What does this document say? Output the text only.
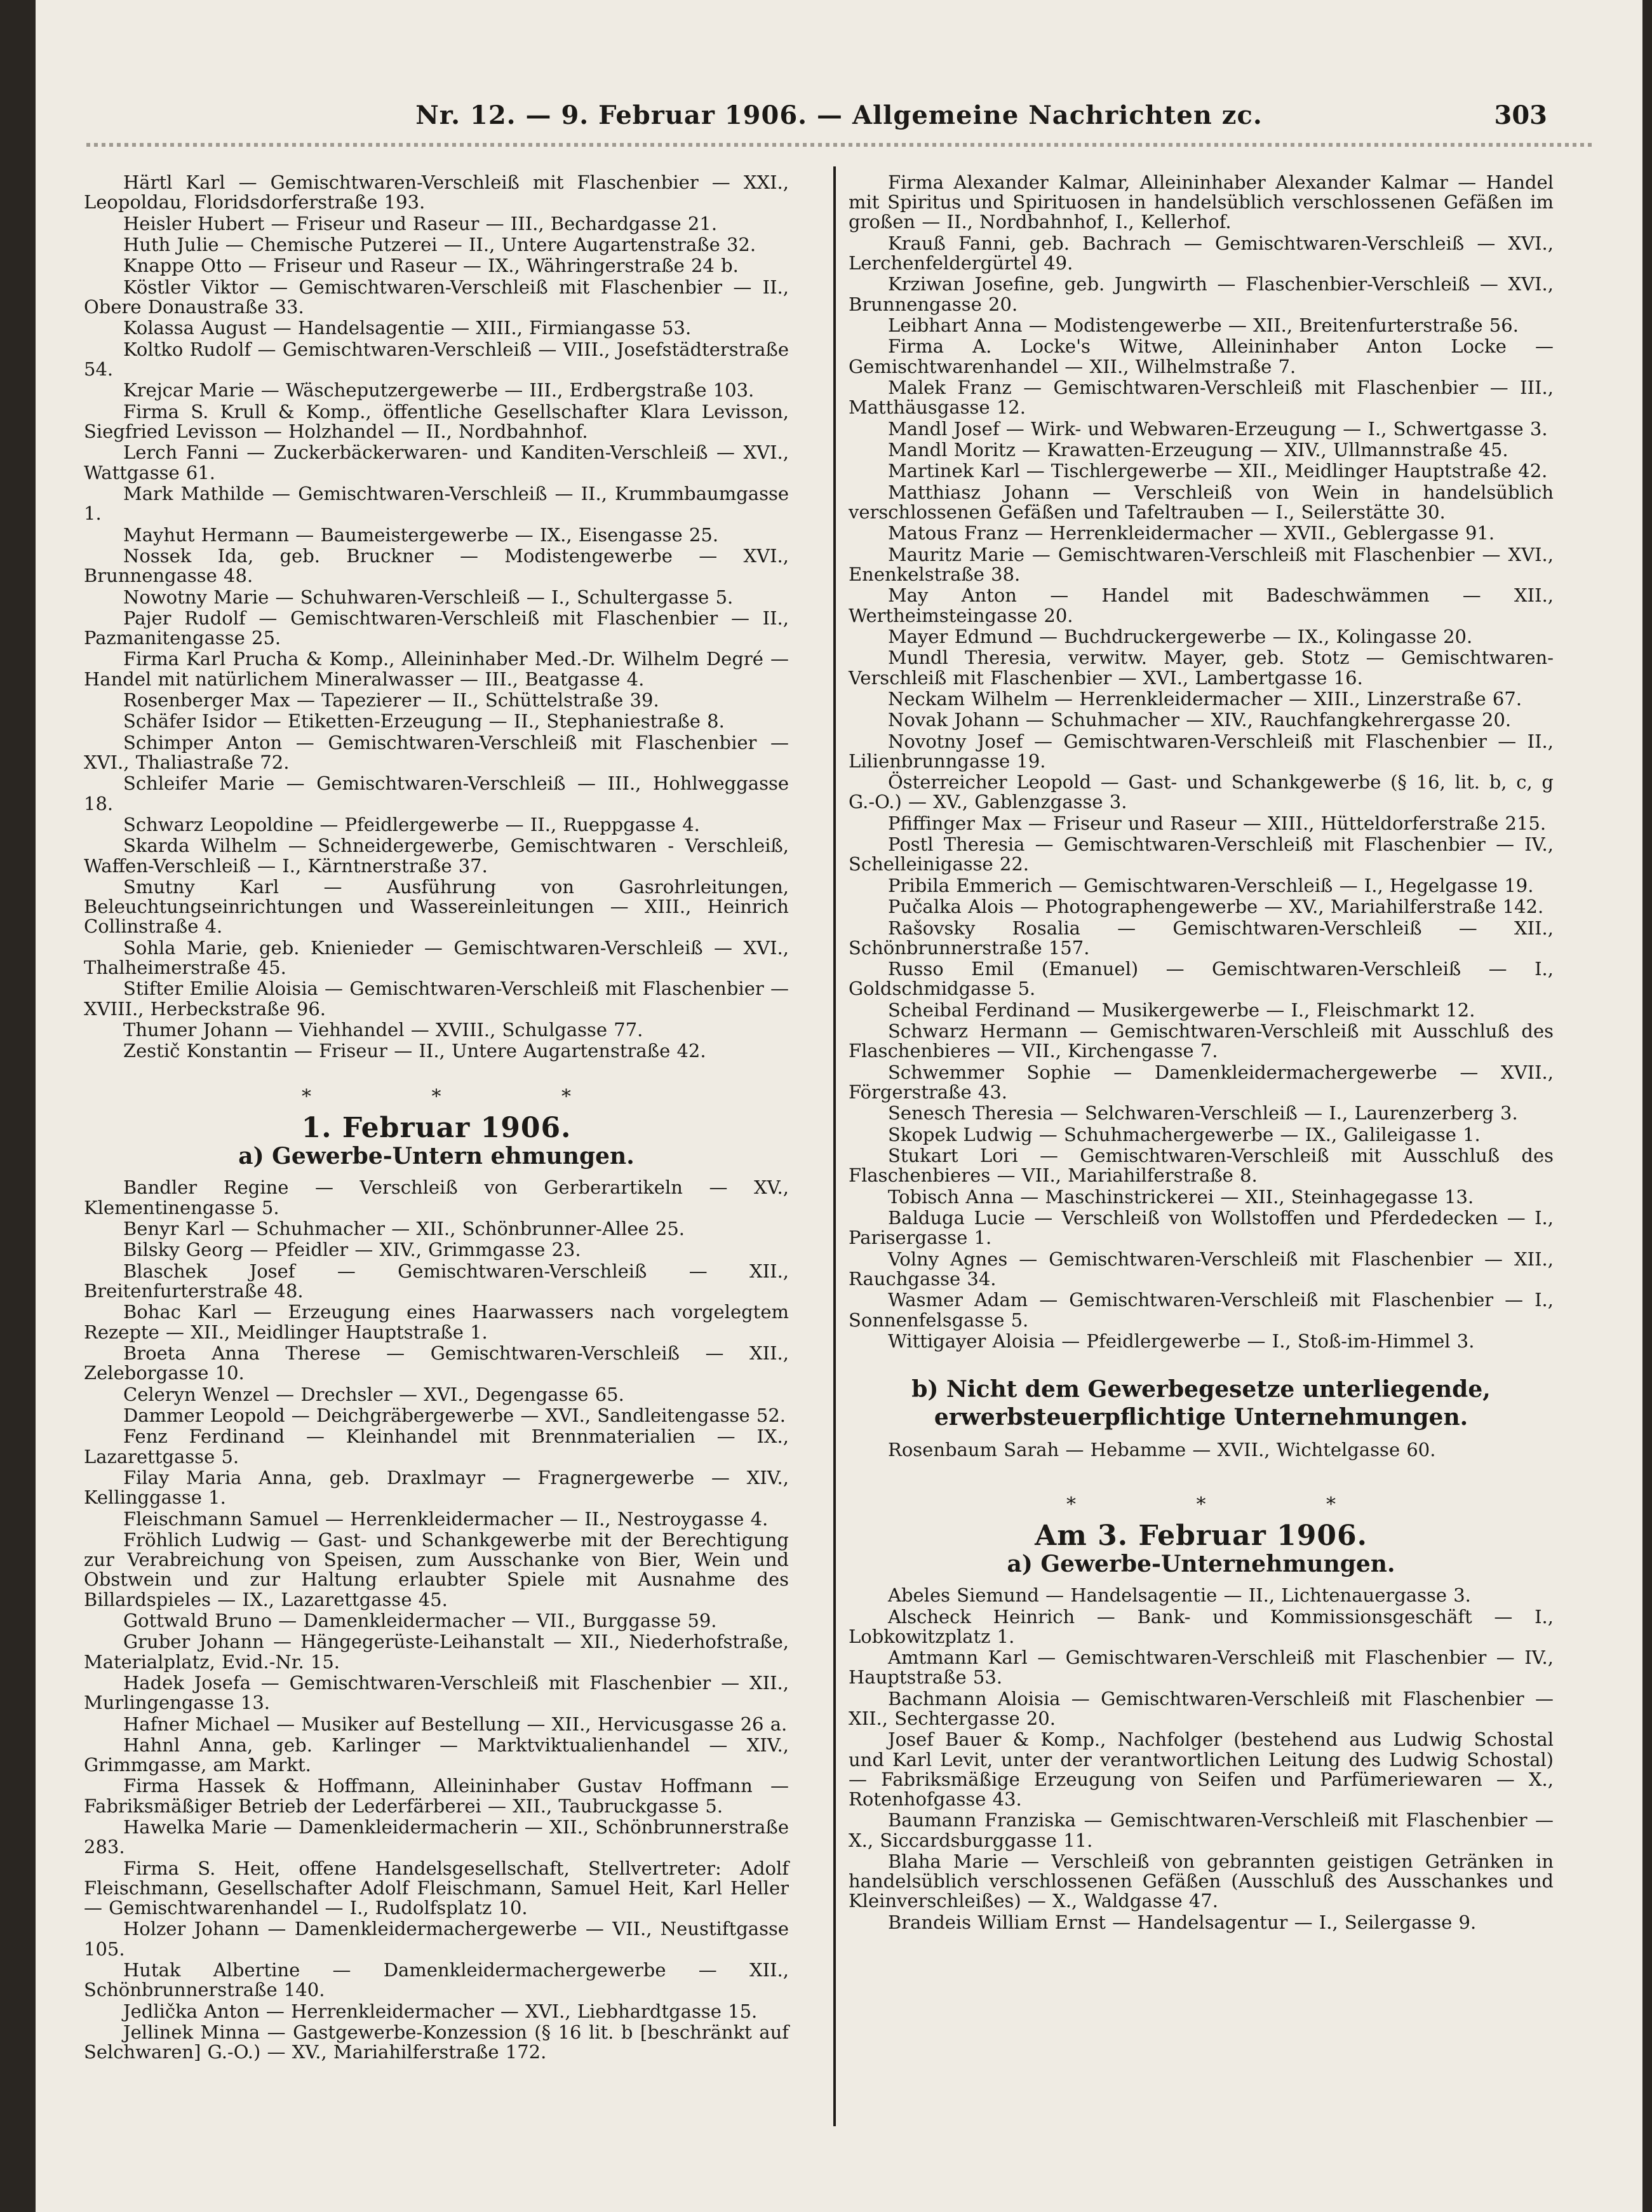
Nr. 12. — 9. Februar 1906. — Allgemeine Nachrichten zc.	303

Härtl Karl — Gemischtwaren-Verschleiß mit Flaschenbier — XXI., Leopoldau, Floridsdorferstraße 193.

Heisler Hubert — Friseur und Raseur — III., Bechardgasse 21.

Huth Julie — Chemische Putzerei — II., Untere Augartenstraße 32.

Knappe Otto — Friseur und Raseur — IX., Währingerstraße 24 b.

Köstler Viktor — Gemischtwaren-Verschleiß mit Flaschenbier — II., Obere Donaustraße 33.

Kolassa August — Handelsagentie — XIII., Firmiangasse 53.

Koltko Rudolf — Gemischtwaren-Verschleiß — VIII., Josefstädterstraße 54.

Krejcar Marie — Wäscheputzergewerbe — III., Erdbergstraße 103.

Firma S. Krull & Komp., öffentliche Gesellschafter Klara Levisson, Siegfried Levisson — Holzhandel — II., Nordbahnhof.

Lerch Fanni — Zuckerbäckerwaren- und Kanditen-Verschleiß — XVI., Wattgasse 61.

Mark Mathilde — Gemischtwaren-Verschleiß — II., Krummbaumgasse 1.

Mayhut Hermann — Baumeistergewerbe — IX., Eisengasse 25.

Nossek Ida, geb. Bruckner — Modistengewerbe — XVI., Brunnengasse 48.

Nowotny Marie — Schuhwaren-Verschleiß — I., Schultergasse 5.

Pajer Rudolf — Gemischtwaren-Verschleiß mit Flaschenbier — II., Pazmanitengasse 25.

Firma Karl Prucha & Komp., Alleininhaber Med.-Dr. Wilhelm Degré — Handel mit natürlichem Mineralwasser — III., Beatgasse 4.

Rosenberger Max — Tapezierer — II., Schüttelstraße 39.

Schäfer Isidor — Etiketten-Erzeugung — II., Stephaniestraße 8.

Schimper Anton — Gemischtwaren-Verschleiß mit Flaschenbier — XVI., Thaliastraße 72.

Schleifer Marie — Gemischtwaren-Verschleiß — III., Hohlweggasse 18.

Schwarz Leopoldine — Pfeidlergewerbe — II., Rueppgasse 4.

Skarda Wilhelm — Schneidergewerbe, Gemischtwaren - Verschleiß, Waffen-Verschleiß — I., Kärntnerstraße 37.

Smutny Karl — Ausführung von Gasrohrleitungen, Beleuchtungseinrichtungen und Wassereinleitungen — XIII., Heinrich Collinstraße 4.

Sohla Marie, geb. Knienieder — Gemischtwaren-Verschleiß — XVI., Thalheimerstraße 45.

Stifter Emilie Aloisia — Gemischtwaren-Verschleiß mit Flaschenbier — XVIII., Herbeckstraße 96.

Thumer Johann — Viehhandel — XVIII., Schulgasse 77.

Zestič Konstantin — Friseur — II., Untere Augartenstraße 42.

* * *
1. Februar 1906.
a) Gewerbe-Untern ehmungen.

Bandler Regine — Verschleiß von Gerberartikeln — XV., Klementinengasse 5.

Benyr Karl — Schuhmacher — XII., Schönbrunner-Allee 25.

Bilsky Georg — Pfeidler — XIV., Grimmgasse 23.

Blaschek Josef — Gemischtwaren-Verschleiß — XII., Breitenfurterstraße 48.

Bohac Karl — Erzeugung eines Haarwassers nach vorgelegtem Rezepte — XII., Meidlinger Hauptstraße 1.

Broeta Anna Therese — Gemischtwaren-Verschleiß — XII., Zeleborgasse 10.

Celeryn Wenzel — Drechsler — XVI., Degengasse 65.

Dammer Leopold — Deichgräbergewerbe — XVI., Sandleitengasse 52.

Fenz Ferdinand — Kleinhandel mit Brennmaterialien — IX., Lazarettgasse 5.

Filay Maria Anna, geb. Draxlmayr — Fragnergewerbe — XIV., Kellinggasse 1.

Fleischmann Samuel — Herrenkleidermacher — II., Nestroygasse 4.

Fröhlich Ludwig — Gast- und Schankgewerbe mit der Berechtigung zur Verabreichung von Speisen, zum Ausschanke von Bier, Wein und Obstwein und zur Haltung erlaubter Spiele mit Ausnahme des Billardspieles — IX., Lazarettgasse 45.

Gottwald Bruno — Damenkleidermacher — VII., Burggasse 59.

Gruber Johann — Hängegerüste-Leihanstalt — XII., Niederhofstraße, Materialplatz, Evid.-Nr. 15.

Hadek Josefa — Gemischtwaren-Verschleiß mit Flaschenbier — XII., Murlingengasse 13.

Hafner Michael — Musiker auf Bestellung — XII., Hervicusgasse 26 a.

Hahnl Anna, geb. Karlinger — Marktviktualienhandel — XIV., Grimmgasse, am Markt.

Firma Hassek & Hoffmann, Alleininhaber Gustav Hoffmann — Fabriksmäßiger Betrieb der Lederfärberei — XII., Taubruckgasse 5.

Hawelka Marie — Damenkleidermacherin — XII., Schönbrunnerstraße 283.

Firma S. Heit, offene Handelsgesellschaft, Stellvertreter: Adolf Fleischmann, Gesellschafter Adolf Fleischmann, Samuel Heit, Karl Heller — Gemischtwarenhandel — I., Rudolfsplatz 10.

Holzer Johann — Damenkleidermachergewerbe — VII., Neustiftgasse 105.

Hutak Albertine — Damenkleidermachergewerbe — XII., Schönbrunnerstraße 140.

Jedlička Anton — Herrenkleidermacher — XVI., Liebhardtgasse 15.

Jellinek Minna — Gastgewerbe-Konzession (§ 16 lit. b [beschränkt auf Selchwaren] G.-O.) — XV., Mariahilferstraße 172.

Firma Alexander Kalmar, Alleininhaber Alexander Kalmar — Handel mit Spiritus und Spirituosen in handelsüblich verschlossenen Gefäßen im großen — II., Nordbahnhof, I., Kellerhof.

Krauß Fanni, geb. Bachrach — Gemischtwaren-Verschleiß — XVI., Lerchenfeldergürtel 49.

Krziwan Josefine, geb. Jungwirth — Flaschenbier-Verschleiß — XVI., Brunnengasse 20.

Leibhart Anna — Modistengewerbe — XII., Breitenfurterstraße 56.

Firma A. Locke's Witwe, Alleininhaber Anton Locke — Gemischtwarenhandel — XII., Wilhelmstraße 7.

Malek Franz — Gemischtwaren-Verschleiß mit Flaschenbier — III., Matthäusgasse 12.

Mandl Josef — Wirk- und Webwaren-Erzeugung — I., Schwertgasse 3.

Mandl Moritz — Krawatten-Erzeugung — XIV., Ullmannstraße 45.

Martinek Karl — Tischlergewerbe — XII., Meidlinger Hauptstraße 42.

Matthiasz Johann — Verschleiß von Wein in handelsüblich verschlossenen Gefäßen und Tafeltrauben — I., Seilerstätte 30.

Matous Franz — Herrenkleidermacher — XVII., Geblergasse 91.

Mauritz Marie — Gemischtwaren-Verschleiß mit Flaschenbier — XVI., Enenkelstraße 38.

May Anton — Handel mit Badeschwämmen — XII., Wertheimsteingasse 20.

Mayer Edmund — Buchdruckergewerbe — IX., Kolingasse 20.

Mundl Theresia, verwitw. Mayer, geb. Stotz — Gemischtwaren-Verschleiß mit Flaschenbier — XVI., Lambertgasse 16.

Neckam Wilhelm — Herrenkleidermacher — XIII., Linzerstraße 67.

Novak Johann — Schuhmacher — XIV., Rauchfangkehrergasse 20.

Novotny Josef — Gemischtwaren-Verschleiß mit Flaschenbier — II., Lilienbrunngasse 19.

Österreicher Leopold — Gast- und Schankgewerbe (§ 16, lit. b, c, g G.-O.) — XV., Gablenzgasse 3.

Pfiffinger Max — Friseur und Raseur — XIII., Hütteldorferstraße 215.

Postl Theresia — Gemischtwaren-Verschleiß mit Flaschenbier — IV., Schelleinigasse 22.

Pribila Emmerich — Gemischtwaren-Verschleiß — I., Hegelgasse 19.

Pučalka Alois — Photographengewerbe — XV., Mariahilferstraße 142.

Rašovsky Rosalia — Gemischtwaren-Verschleiß — XII., Schönbrunnerstraße 157.

Russo Emil (Emanuel) — Gemischtwaren-Verschleiß — I., Goldschmidgasse 5.

Scheibal Ferdinand — Musikergewerbe — I., Fleischmarkt 12.

Schwarz Hermann — Gemischtwaren-Verschleiß mit Ausschluß des Flaschenbieres — VII., Kirchengasse 7.

Schwemmer Sophie — Damenkleidermachergewerbe — XVII., Förgerstraße 43.

Senesch Theresia — Selchwaren-Verschleiß — I., Laurenzerberg 3.

Skopek Ludwig — Schuhmachergewerbe — IX., Galileigasse 1.

Stukart Lori — Gemischtwaren-Verschleiß mit Ausschluß des Flaschenbieres — VII., Mariahilferstraße 8.

Tobisch Anna — Maschinstrickerei — XII., Steinhagegasse 13.

Balduga Lucie — Verschleiß von Wollstoffen und Pferdedecken — I., Parisergasse 1.

Volny Agnes — Gemischtwaren-Verschleiß mit Flaschenbier — XII., Rauchgasse 34.

Wasmer Adam — Gemischtwaren-Verschleiß mit Flaschenbier — I., Sonnenfelsgasse 5.

Wittigayer Aloisia — Pfeidlergewerbe — I., Stoß-im-Himmel 3.

b) Nicht dem Gewerbegesetze unterliegende, erwerbsteuerpflichtige Unternehmungen.

Rosenbaum Sarah — Hebamme — XVII., Wichtelgasse 60.

* * *
Am 3. Februar 1906.
a) Gewerbe-Unternehmungen.

Abeles Siemund — Handelsagentie — II., Lichtenauergasse 3.

Alscheck Heinrich — Bank- und Kommissionsgeschäft — I., Lobkowitzplatz 1.

Amtmann Karl — Gemischtwaren-Verschleiß mit Flaschenbier — IV., Hauptstraße 53.

Bachmann Aloisia — Gemischtwaren-Verschleiß mit Flaschenbier — XII., Sechtergasse 20.

Josef Bauer & Komp., Nachfolger (bestehend aus Ludwig Schostal und Karl Levit, unter der verantwortlichen Leitung des Ludwig Schostal) — Fabriksmäßige Erzeugung von Seifen und Parfümeriewaren — X., Rotenhofgasse 43.

Baumann Franziska — Gemischtwaren-Verschleiß mit Flaschenbier — X., Siccardsburggasse 11.

Blaha Marie — Verschleiß von gebrannten geistigen Getränken in handelsüblich verschlossenen Gefäßen (Ausschluß des Ausschankes und Kleinverschleißes) — X., Waldgasse 47.

Brandeis William Ernst — Handelsagentur — I., Seilergasse 9.
